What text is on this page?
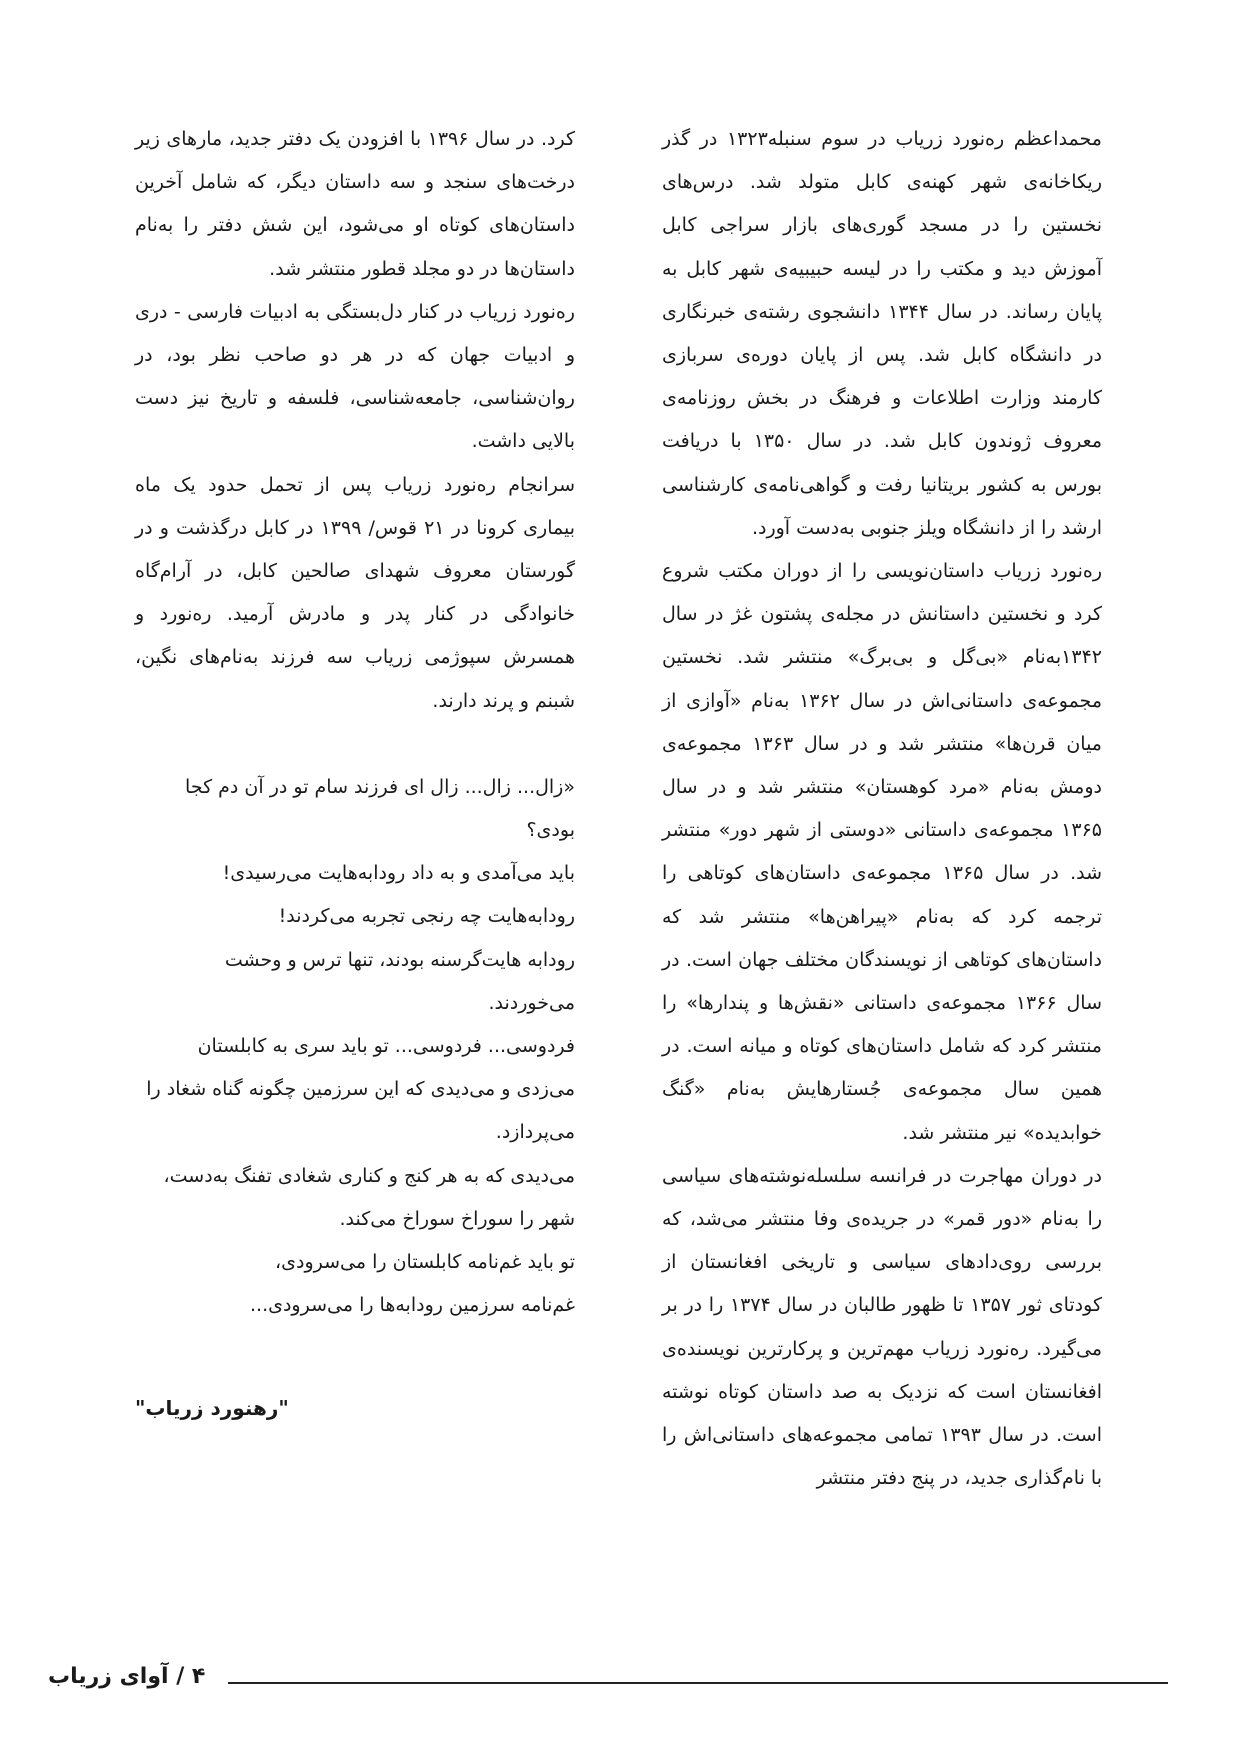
محمداعظم ره‌نورد زریاب در سوم سنبله۱۳۲۳ در گذر ریکاخانه‌ی شهر کهنه‌ی کابل متولد شد. درس‌های نخستین را در مسجد گوری‌های بازار سراجی کابل آموزش دید و مکتب را در لیسه حبیبیه‌ی شهر کابل به پایان رساند. در سال ۱۳۴۴ دانشجوی رشته‌ی خبرنگاری در دانشگاه کابل شد. پس از پایان دوره‌ی سربازی کارمند وزارت اطلاعات و فرهنگ در بخش روزنامه‌ی معروف ژوندون کابل شد. در سال ۱۳۵۰ با دریافت بورس به کشور بریتانیا رفت و گواهی‌نامه‌ی کارشناسی ارشد را از دانشگاه ویلز جنوبی به‌دست آورد.

ره‌نورد زریاب داستان‌نویسی را از دوران مکتب شروع کرد و نخستین داستانش در مجله‌ی پشتون غژ در سال ۱۳۴۲به‌نام «بی‌گل و بی‌برگ» منتشر شد. نخستین مجموعه‌ی داستانی‌اش در سال ۱۳۶۲ به‌نام «آوازی از میان قرن‌ها» منتشر شد و در سال ۱۳۶۳ مجموعه‌ی دومش به‌نام «مرد کوهستان» منتشر شد و در سال ۱۳۶۵ مجموعه‌ی داستانی «دوستی از شهر دور» منتشر شد. در سال ۱۳۶۵ مجموعه‌ی داستان‌های کوتاهی را ترجمه کرد که به‌نام «پیراهن‌ها» منتشر شد که داستان‌های کوتاهی از نویسندگان مختلف جهان است. در سال ۱۳۶۶ مجموعه‌ی داستانی «نقش‌ها و پندارها» را منتشر کرد که شامل داستان‌های کوتاه و میانه است. در همین سال مجموعه‌ی جُستارهایش به‌نام «گنگ خوابدیده» نیر منتشر شد.

در دوران مهاجرت در فرانسه سلسله‌نوشته‌های سیاسی را به‌نام «دور قمر» در جریده‌ی وفا منتشر می‌شد، که بررسی روی‌دادهای سیاسی و تاریخی افغانستان از کودتای ثور ۱۳۵۷ تا ظهور طالبان در سال ۱۳۷۴ را در بر می‌گیرد. ره‌نورد زریاب مهم‌ترین و پرکارترین نویسنده‌ی افغانستان است که نزدیک به صد داستان کوتاه نوشته است. در سال ۱۳۹۳ تمامی مجموعه‌های داستانی‌اش را با نام‌گذاری جدید، در پنج دفتر منتشر

کرد. در سال ۱۳۹۶ با افزودن یک دفتر جدید، مارهای زیر درخت‌های سنجد و سه داستان دیگر، که شامل آخرین داستان‌های کوتاه او می‌شود، این شش دفتر را به‌نام داستان‌ها در دو مجلد قطور منتشر شد.

ره‌نورد زریاب در کنار دل‌بستگی به ادبیات فارسی - دری و ادبیات جهان که در هر دو صاحب نظر بود، در روان‌شناسی، جامعه‌شناسی، فلسفه و تاریخ نیز دست بالایی داشت.

سرانجام ره‌نورد زریاب پس از تحمل حدود یک ماه بیماری کرونا در ۲۱ قوس/ ۱۳۹۹ در کابل درگذشت و در گورستان معروف شهدای صالحین کابل، در آرام‌گاه خانوادگی در کنار پدر و مادرش آرمید. ره‌نورد و همسرش سپوژمی زریاب سه فرزند به‌نام‌های نگین، شبنم و پرند دارند.

«زال... زال... زال ای فرزند سام تو در آن دم کجا بودی؟

باید می‌آمدی و به داد رودابه‌هایت می‌رسیدی!

رودابه‌هایت چه رنجی تجربه می‌کردند!

رودابه هایت‌گرسنه بودند، تنها ترس و وحشت می‌خوردند.

فردوسی... فردوسی... تو باید سری به کابلستان می‌زدی و می‌دیدی که این سرزمین چگونه گناه شغاد را می‌پردازد.

می‌دیدی که به هر کنج و کناری شغادی تفنگ به‌دست، شهر را سوراخ سوراخ می‌کند.

تو باید غم‌نامه کابلستان را می‌سرودی،

غم‌نامه سرزمین رودابه‌ها را می‌سرودی...

"رهنورد زریاب"
۴ / آوای زریاب
